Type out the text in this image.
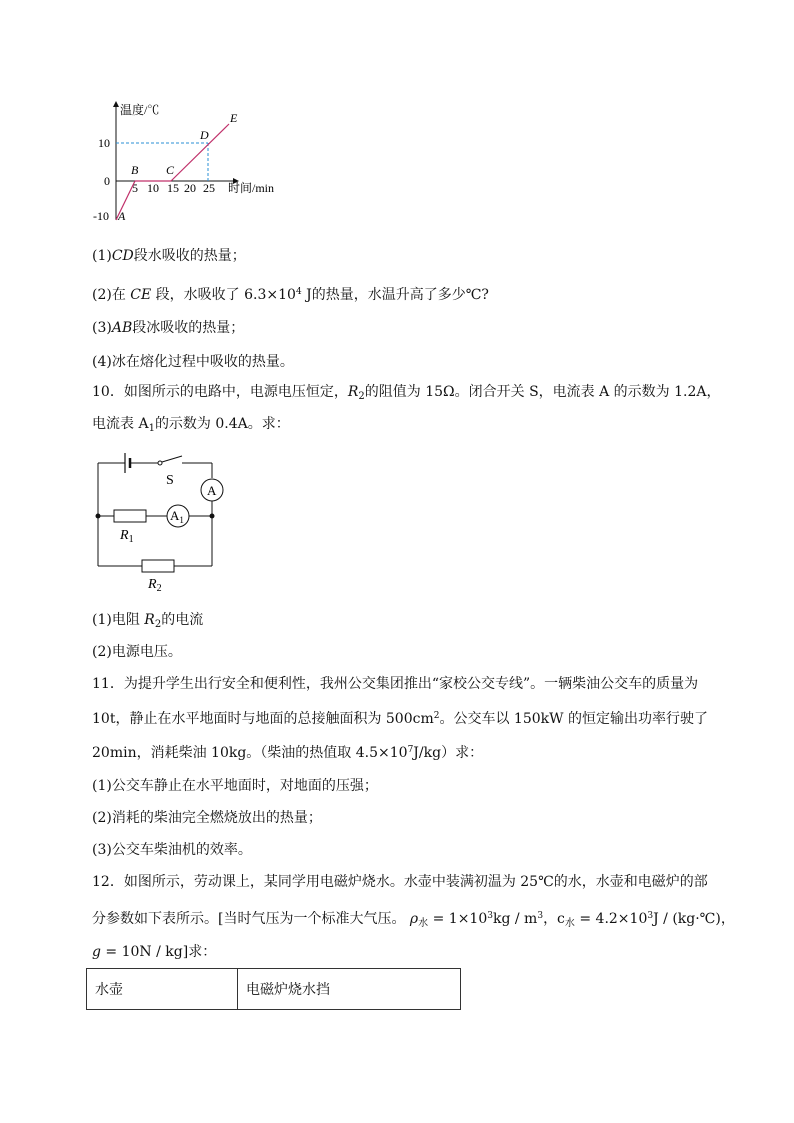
温度/℃
时间/min
10
0
-10
5 10 15 20 25
A
B C
D
E
(1)CD段水吸收的热量；
(2)在 CE 段，水吸收了 $6.3\times 10^4$ J的热量，水温升高了多少℃?
(3)AB段冰吸收的热量；
(4)冰在熔化过程中吸收的热量。
10．如图所示的电路中，电源电压恒定，$R_2$的阻值为 15Ω。闭合开关 S，电流表 A 的示数为 1.2A，
电流表 $A_1$的示数为 0.4A。求：
S
A
$R_1$
$A_1$
$R_2$
(1)电阻 $R_2$的电流
(2)电源电压。
11．为提升学生出行安全和便利性，我州公交集团推出“家校公交专线”。一辆柴油公交车的质量为
10t，静止在水平地面时与地面的总接触面积为 $500cm^2$。公交车以 150kW 的恒定输出功率行驶了
20min，消耗柴油 10kg。（柴油的热值取 $4.5\times 10^7J/kg$）求：
(1)公交车静止在水平地面时，对地面的压强；
(2)消耗的柴油完全燃烧放出的热量；
(3)公交车柴油机的效率。
12．如图所示，劳动课上，某同学用电磁炉烧水。水壶中装满初温为 25℃的水，水壶和电磁炉的部
分参数如下表所示。[当时气压为一个标准大气压。 $\rho_水 = 1\times 10^3kg / m^3$，$c_水 = 4.2\times 10^3J$ / (kg·℃)，
g = 10N / kg]求：
水壶	电磁炉烧水挡
